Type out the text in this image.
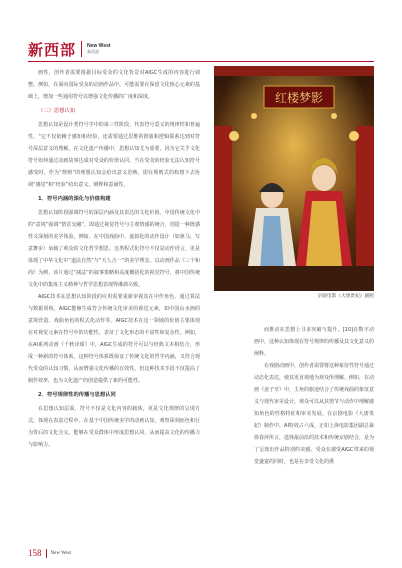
新西部 New West
新西部

画性，创作者需要根据目标受众的文化背景对AIGC生成的内容进行调整。例如，在面向国际受众的动画作品中，可能需要在保留文化核心元素的基础上，增加一些通用符号以增强文化传播的广度和深度。

（三）思想认知

思想认知是设计类符号学中的第三性阶段，代表符号意义的规律性和普遍性。“它不仅依赖于感知和经验，还需要通过思维的推演和逻辑联系达到对符号深层意义的理解。在文化遗产传播中，思想认知尤为重要，因为它关乎文化符号如何通过动画故事达成对受众的价值认同。当在受众的经验无法认知符号感受时，作为“规则”的理想认知会给出意义范畴，即在规则式的构想下去协调“感觉”和“经验”给出意义，阐释和意涵性。

1．符号内涵的深化与价值构建

思想认知阶段强调符号的深层内涵及其表达的文化价值。中国传统文化中的“意境”强调“情景交融”，即通过视觉符号与主观情感的统合，创造一种既感性又深刻的美学体验。例如，在中国戏曲中，虚拟化的动作设计（如驱马、写意舞步）承载了观众的文化哲学想思。这类程式化符号不仅是动作语言，更是体现了中华文化中“道法自然”与“天人合一”的美学理念。以动画作品《三个和尚》为例，该片通过“减法”的叙事策略和高度概括化的视觉符号，将中国传统文化中的集体主义精神与哲学思想表现得淋漓尽致。

AIGC技术在思想认知阶段的应用需要重新审视其在中作角色。通过算法与数据训练，AIGC能够生成符合传统文化审美的视觉元素，如中国山水画的意境营造、戏曲角色的程式化动作等。AIGC技术在这一领域的价值主要体现在对视觉元素在符号中的功能性，表征了文化形态的丰富性和复杂性。例如，在AI系列动画《千秋诗颂》中，AIGC生成的符号可以与经典文本相结合，形成一种新的符号体系。这种符号体系既保证了传统文化的哲学内涵，又符合现代受众的认知习惯，从而增强文化传播的有效性。但这种技术手段不仅提高了制作效率，也为文化遗产的创造提供了新的可能性。

2．符号规律性的传播与思想认同

在思想认知层面，符号不仅是文化内容的载体，更是文化规律的呈现方式，体现在表意过程中。在基于中国传统美学的动画认知，观察深刻而色和行为背后的文化含义，能够在受众群体中形成思想认同，从而提高文化的传播力与影响力。

红楼梦影
京剧电影《大唐贵妃》剧照

而推动在思想上寻求突破与提升。[10]在数字动画中，这种认知体现在符号规律的传播及其文化意义的阐释。

在戏剧动画中，创作者需要将这种象征性符号通过动态化表达，使其更直观地为观众所理解。例如，在动画《姜子牙》中，主角的旅途结合了传统戏曲的象征意义与现代审美设计，观众可以从其情节与动作中理解感知角色的性格特征和审美发展。在京剧电影《大唐贵妃》制作中，AI特效占六成，正如上海电影集团副总裁徐春萍所言，选择最前沿的技术和传统京剧结合，是为了呈现出作品特别的美感。受众在感受AIGC带来的视觉盛宴的同时，也是在享受文化的熏

158 New West
